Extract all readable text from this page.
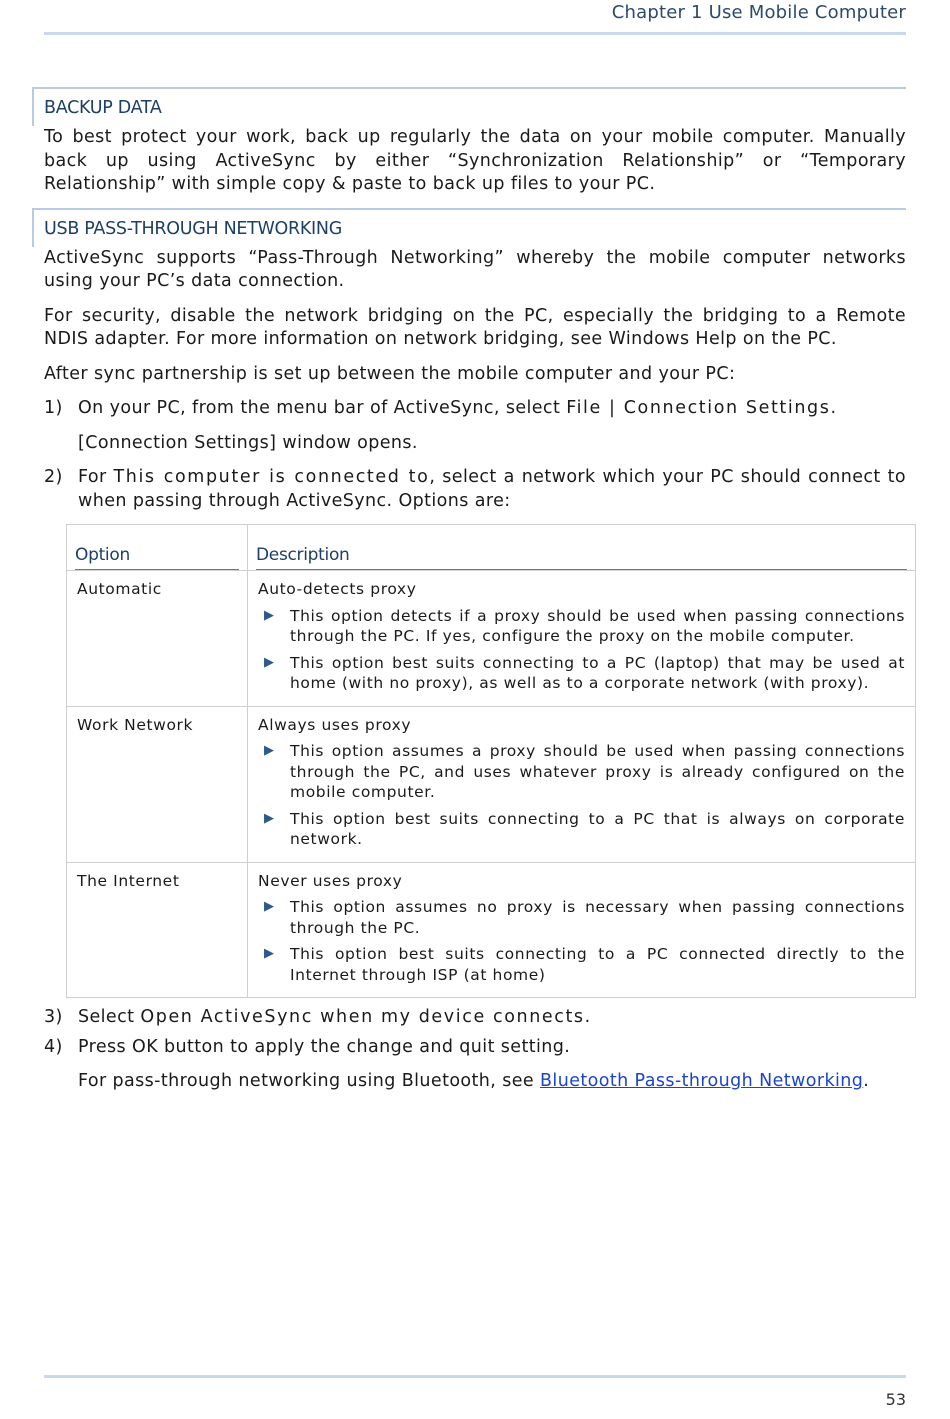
Chapter 1 Use Mobile Computer
BACKUP DATA

To best protect your work, back up regularly the data on your mobile computer. Manually back up using ActiveSync by either “Synchronization Relationship” or “Temporary Relationship” with simple copy & paste to back up files to your PC.

USB PASS-THROUGH NETWORKING

ActiveSync supports “Pass-Through Networking” whereby the mobile computer networks using your PC’s data connection.

For security, disable the network bridging on the PC, especially the bridging to a Remote NDIS adapter. For more information on network bridging, see Windows Help on the PC.

After sync partnership is set up between the mobile computer and your PC:

1) On your PC, from the menu bar of ActiveSync, select File | Connection Settings.

[Connection Settings] window opens.

2) For This computer is connected to, select a network which your PC should connect to when passing through ActiveSync. Options are:
Option	Description

Automatic	Auto-detects proxy
▶ This option detects if a proxy should be used when passing connections through the PC. If yes, configure the proxy on the mobile computer.
▶ This option best suits connecting to a PC (laptop) that may be used at home (with no proxy), as well as to a corporate network (with proxy).

Work Network	Always uses proxy
▶ This option assumes a proxy should be used when passing connections through the PC, and uses whatever proxy is already configured on the mobile computer.
▶ This option best suits connecting to a PC that is always on corporate network.

The Internet	Never uses proxy
▶ This option assumes no proxy is necessary when passing connections through the PC.
▶ This option best suits connecting to a PC connected directly to the Internet through ISP (at home)
3) Select Open ActiveSync when my device connects.
4) Press OK button to apply the change and quit setting.

For pass-through networking using Bluetooth, see Bluetooth Pass-through Networking.

53
